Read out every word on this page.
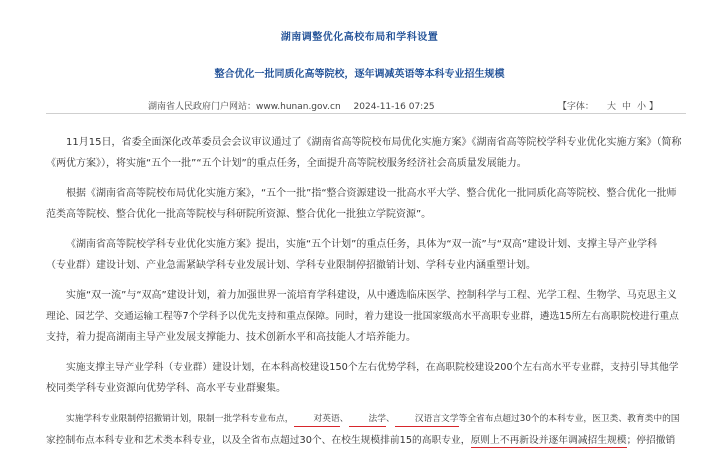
湖南调整优化高校布局和学科设置
整合优化一批同质化高等院校，逐年调减英语等本科专业招生规模
湖南省人民政府门户网站：www.hunan.gov.cn 2024-11-16 07:25	【字体： 大 中 小 】
11月15日，省委全面深化改革委员会会议审议通过了《湖南省高等院校布局优化实施方案》《湖南省高等院校学科专业优化实施方案》（简称
《两优方案》），将实施“五个一批”“五个计划”的重点任务，全面提升高等院校服务经济社会高质量发展能力。
根据《湖南省高等院校布局优化实施方案》，“五个一批”指“整合资源建设一批高水平大学、整合优化一批同质化高等院校、整合优化一批师
范类高等院校、整合优化一批高等院校与科研院所资源、整合优化一批独立学院资源”。
《湖南省高等院校学科专业优化实施方案》提出，实施“五个计划”的重点任务，具体为“双一流”与“双高”建设计划、支撑主导产业学科
（专业群）建设计划、产业急需紧缺学科专业发展计划、学科专业限制停招撤销计划、学科专业内涵重塑计划。
实施“双一流”与“双高”建设计划，着力加强世界一流培育学科建设，从中遴选临床医学、控制科学与工程、光学工程、生物学、马克思主义
理论、园艺学、交通运输工程等7个学科予以优先支持和重点保障。同时，着力建设一批国家级高水平高职专业群，遴选15所左右高职院校进行重点
支持，着力提高湖南主导产业发展支撑能力、技术创新水平和高技能人才培养能力。
实施支撑主导产业学科（专业群）建设计划，在本科高校建设150个左右优势学科，在高职院校建设200个左右高水平专业群，支持引导其他学
校同类学科专业资源向优势学科、高水平专业群聚集。
实施学科专业限制停招撤销计划，限制一批学科专业布点， 对英语、 法学、 汉语言文学等全省布点超过30个的本科专业，医卫类、教育类中的国
家控制布点本科专业和艺术类本科专业，以及全省布点超过30个、在校生规模排前15的高职专业，原则上不再新设并逐年调减招生规模；停招撤销
